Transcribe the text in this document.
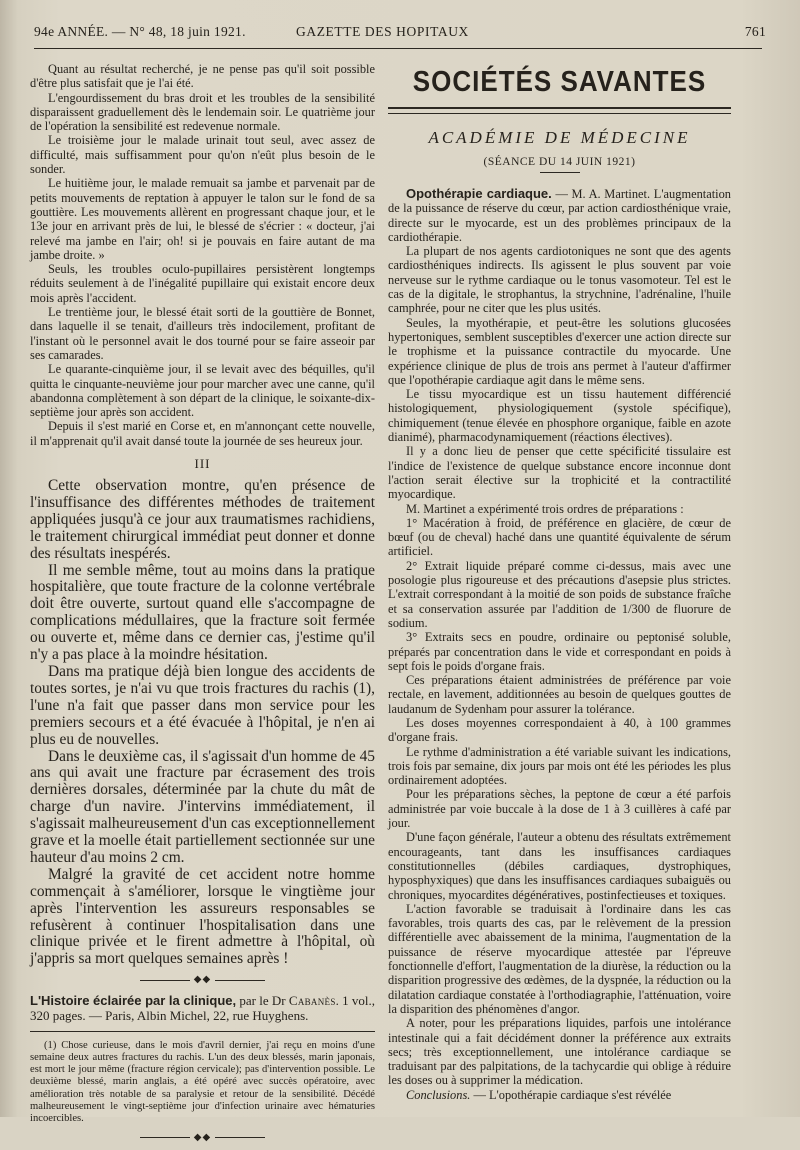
94e ANNÉE. — N° 48, 18 juin 1921.	GAZETTE DES HOPITAUX	761

Quant au résultat recherché, je ne pense pas qu'il soit possible d'être plus satisfait que je l'ai été.

L'engourdissement du bras droit et les troubles de la sensibilité disparaissent graduellement dès le lendemain soir. Le quatrième jour de l'opération la sensibilité est redevenue normale.

Le troisième jour le malade urinait tout seul, avec assez de difficulté, mais suffisamment pour qu'on n'eût plus besoin de le sonder.

Le huitième jour, le malade remuait sa jambe et parvenait par de petits mouvements de reptation à appuyer le talon sur le fond de sa gouttière. Les mouvements allèrent en progressant chaque jour, et le 13e jour en arrivant près de lui, le blessé de s'écrier : « docteur, j'ai relevé ma jambe en l'air; oh! si je pouvais en faire autant de ma jambe droite. »

Seuls, les troubles oculo-pupillaires persistèrent longtemps réduits seulement à de l'inégalité pupillaire qui existait encore deux mois après l'accident.

Le trentième jour, le blessé était sorti de la gouttière de Bonnet, dans laquelle il se tenait, d'ailleurs très indocilement, profitant de l'instant où le personnel avait le dos tourné pour se faire asseoir par ses camarades.

Le quarante-cinquième jour, il se levait avec des béquilles, qu'il quitta le cinquante-neuvième jour pour marcher avec une canne, qu'il abandonna complètement à son départ de la clinique, le soixante-dix-septième jour après son accident.

Depuis il s'est marié en Corse et, en m'annonçant cette nouvelle, il m'apprenait qu'il avait dansé toute la journée de ses heureux jour.

III

Cette observation montre, qu'en présence de l'insuffisance des différentes méthodes de traitement appliquées jusqu'à ce jour aux traumatismes rachidiens, le traitement chirurgical immédiat peut donner et donne des résultats inespérés.

Il me semble même, tout au moins dans la pratique hospitalière, que toute fracture de la colonne vertébrale doit être ouverte, surtout quand elle s'accompagne de complications médullaires, que la fracture soit fermée ou ouverte et, même dans ce dernier cas, j'estime qu'il n'y a pas place à la moindre hésitation.

Dans ma pratique déjà bien longue des accidents de toutes sortes, je n'ai vu que trois fractures du rachis (1), l'une n'a fait que passer dans mon service pour les premiers secours et a été évacuée à l'hôpital, je n'en ai plus eu de nouvelles.

Dans le deuxième cas, il s'agissait d'un homme de 45 ans qui avait une fracture par écrasement des trois dernières dorsales, déterminée par la chute du mât de charge d'un navire. J'intervins immédiatement, il s'agissait malheureusement d'un cas exceptionnellement grave et la moelle était partiellement sectionnée sur une hauteur d'au moins 2 cm.

Malgré la gravité de cet accident notre homme commençait à s'améliorer, lorsque le vingtième jour après l'intervention les assureurs responsables se refusèrent à continuer l'hospitalisation dans une clinique privée et le firent admettre à l'hôpital, où j'appris sa mort quelques semaines après !

◆◆

L'Histoire éclairée par la clinique, par le Dr Cabanès. 1 vol., 320 pages. — Paris, Albin Michel, 22, rue Huyghens.

(1) Chose curieuse, dans le mois d'avril dernier, j'ai reçu en moins d'une semaine deux autres fractures du rachis. L'un des deux blessés, marin japonais, est mort le jour même (fracture région cervicale); pas d'intervention possible. Le deuxième blessé, marin anglais, a été opéré avec succès opératoire, avec amélioration très notable de sa paralysie et retour de la sensibilité. Décédé malheureusement le vingt-septième jour d'infection urinaire avec hématuries incoercibles.

◆◆
SOCIÉTÉS SAVANTES
ACADÉMIE DE MÉDECINE
(SÉANCE DU 14 JUIN 1921)

Opothérapie cardiaque. — M. A. Martinet. L'augmentation de la puissance de réserve du cœur, par action cardiosthénique vraie, directe sur le myocarde, est un des problèmes principaux de la cardiothérapie.

La plupart de nos agents cardiotoniques ne sont que des agents cardiosthéniques indirects. Ils agissent le plus souvent par voie nerveuse sur le rythme cardiaque ou le tonus vasomoteur. Tel est le cas de la digitale, le strophantus, la strychnine, l'adrénaline, l'huile camphrée, pour ne citer que les plus usités.

Seules, la myothérapie, et peut-être les solutions glucosées hypertoniques, semblent susceptibles d'exercer une action directe sur le trophisme et la puissance contractile du myocarde. Une expérience clinique de plus de trois ans permet à l'auteur d'affirmer que l'opothérapie cardiaque agit dans le même sens.

Le tissu myocardique est un tissu hautement différencié histologiquement, physiologiquement (systole spécifique), chimiquement (tenue élevée en phosphore organique, faible en azote dianimé), pharmacodynamiquement (réactions électives).

Il y a donc lieu de penser que cette spécificité tissulaire est l'indice de l'existence de quelque substance encore inconnue dont l'action serait élective sur la trophicité et la contractilité myocardique.

M. Martinet a expérimenté trois ordres de préparations :

1° Macération à froid, de préférence en glacière, de cœur de bœuf (ou de cheval) haché dans une quantité équivalente de sérum artificiel.

2° Extrait liquide préparé comme ci-dessus, mais avec une posologie plus rigoureuse et des précautions d'asepsie plus strictes. L'extrait correspondant à la moitié de son poids de substance fraîche et sa conservation assurée par l'addition de 1/300 de fluorure de sodium.

3° Extraits secs en poudre, ordinaire ou peptonisé soluble, préparés par concentration dans le vide et correspondant en poids à sept fois le poids d'organe frais.

Ces préparations étaient administrées de préférence par voie rectale, en lavement, additionnées au besoin de quelques gouttes de laudanum de Sydenham pour assurer la tolérance.

Les doses moyennes correspondaient à 40, à 100 grammes d'organe frais.

Le rythme d'administration a été variable suivant les indications, trois fois par semaine, dix jours par mois ont été les périodes les plus ordinairement adoptées.

Pour les préparations sèches, la peptone de cœur a été parfois administrée par voie buccale à la dose de 1 à 3 cuillères à café par jour.

D'une façon générale, l'auteur a obtenu des résultats extrêmement encourageants, tant dans les insuffisances cardiaques constitutionnelles (débiles cardiaques, dystrophiques, hyposphyxiques) que dans les insuffisances cardiaques subaiguës ou chroniques, myocardites dégénératives, postinfectieuses et toxiques.

L'action favorable se traduisait à l'ordinaire dans les cas favorables, trois quarts des cas, par le relèvement de la pression différentielle avec abaissement de la minima, l'augmentation de la puissance de réserve myocardique attestée par l'épreuve fonctionnelle d'effort, l'augmentation de la diurèse, la réduction ou la disparition progressive des œdèmes, de la dyspnée, la réduction ou la dilatation cardiaque constatée à l'orthodiagraphie, l'atténuation, voire la disparition des phénomènes d'angor.

A noter, pour les préparations liquides, parfois une intolérance intestinale qui a fait décidément donner la préférence aux extraits secs; très exceptionnellement, une intolérance cardiaque se traduisant par des palpitations, de la tachycardie qui oblige à réduire les doses ou à supprimer la médication.

Conclusions. — L'opothérapie cardiaque s'est révélée
